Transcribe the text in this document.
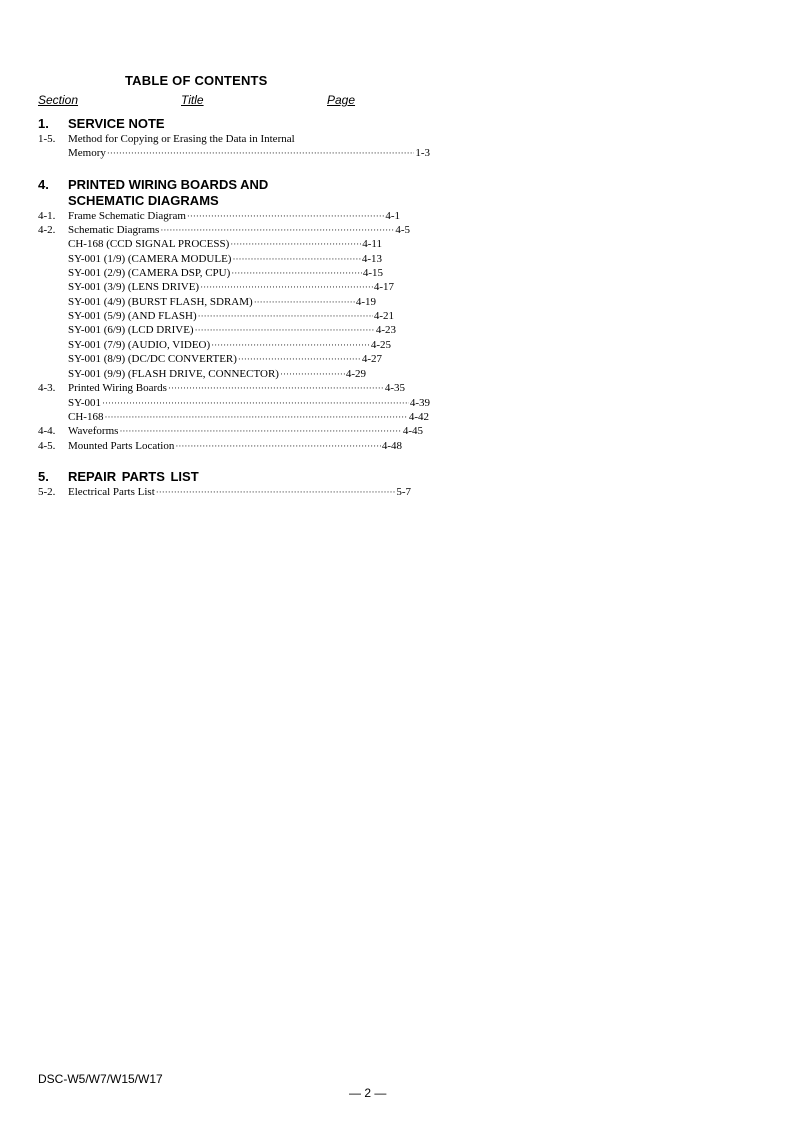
TABLE OF CONTENTS
Section	Title	Page
1. SERVICE NOTE
1-5. Method for Copying or Erasing the Data in Internal
Memory ·····	1-3
4. PRINTED WIRING BOARDS AND
SCHEMATIC DIAGRAMS
4-1. Frame Schematic Diagram ·····	4-1
4-2. Schematic Diagrams ·····	4-5
CH-168 (CCD SIGNAL PROCESS) ·····	4-11
SY-001 (1/9) (CAMERA MODULE) ·····	4-13
SY-001 (2/9) (CAMERA DSP, CPU) ·····	4-15
SY-001 (3/9) (LENS DRIVE) ·····	4-17
SY-001 (4/9) (BURST FLASH, SDRAM) ·····	4-19
SY-001 (5/9) (AND FLASH) ·····	4-21
SY-001 (6/9) (LCD DRIVE) ·····	4-23
SY-001 (7/9) (AUDIO, VIDEO) ·····	4-25
SY-001 (8/9) (DC/DC CONVERTER) ·····	4-27
SY-001 (9/9) (FLASH DRIVE, CONNECTOR) ·····	4-29
4-3. Printed Wiring Boards ·····	4-35
SY-001 ·····	4-39
CH-168 ·····	4-42
4-4. Waveforms ·····	4-45
4-5. Mounted Parts Location ·····	4-48
5. REPAIR PARTS LIST
5-2. Electrical Parts List ·····	5-7
DSC-W5/W7/W15/W17
— 2 —
